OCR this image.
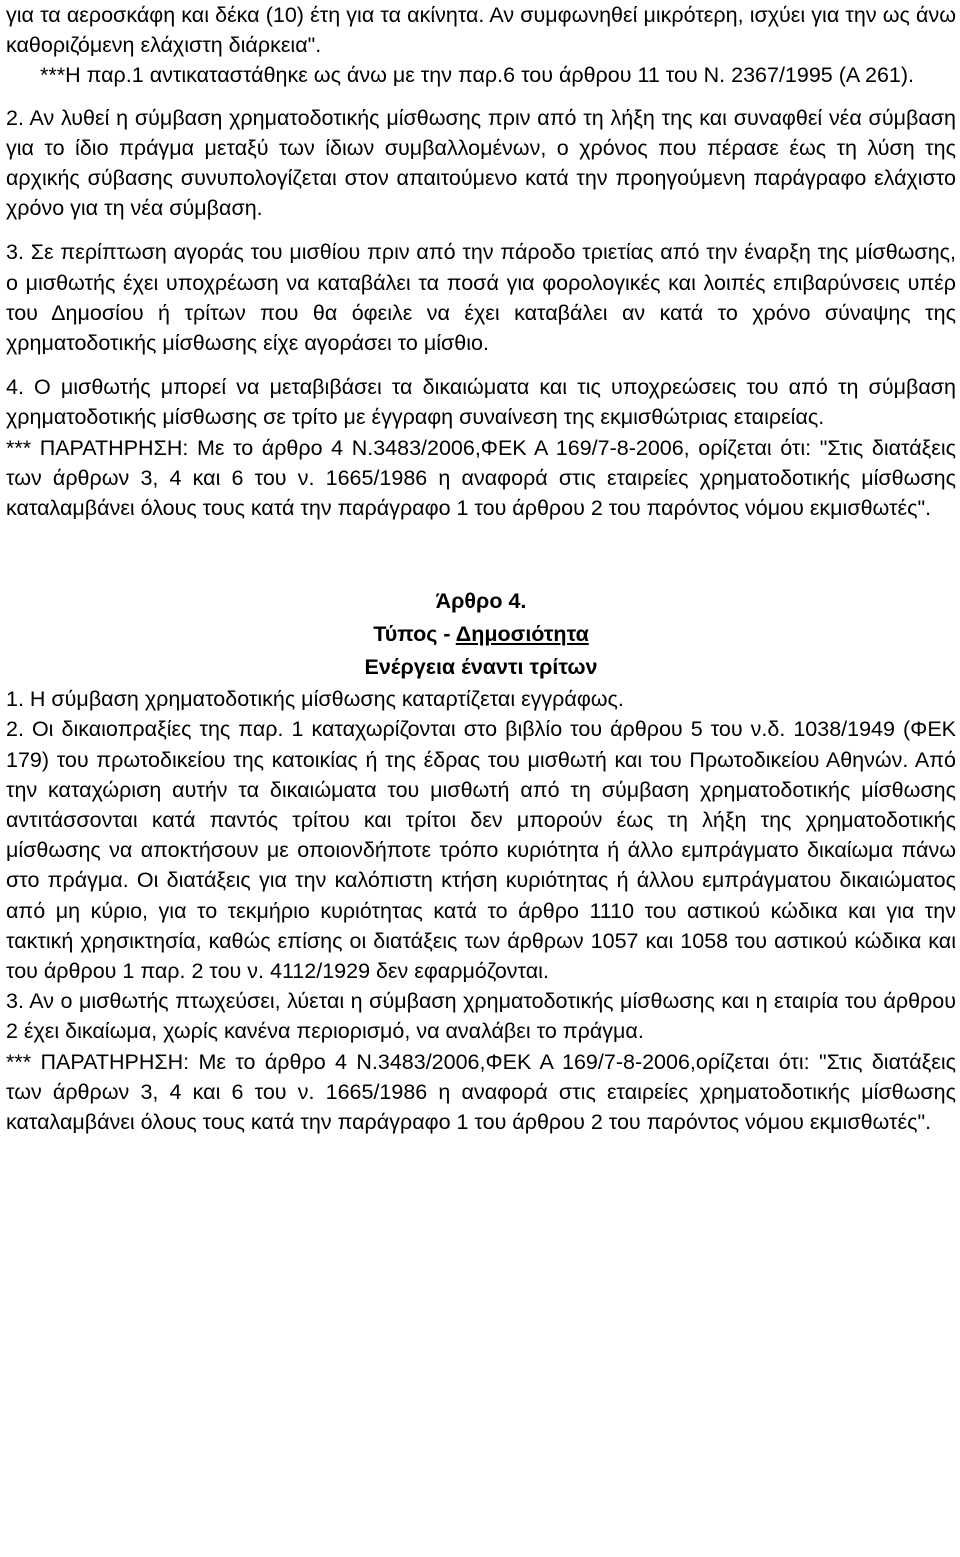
για τα αεροσκάφη και δέκα (10) έτη για τα ακίνητα. Αν συμφωνηθεί μικρότερη, ισχύει για την ως άνω καθοριζόμενη ελάχιστη διάρκεια".
***Η παρ.1 αντικαταστάθηκε ως άνω με την παρ.6 του άρθρου 11 του Ν. 2367/1995 (Α 261).

2. Αν λυθεί η σύμβαση χρηματοδοτικής μίσθωσης πριν από τη λήξη της και συναφθεί νέα σύμβαση για το ίδιο πράγμα μεταξύ των ίδιων συμβαλλομένων, ο χρόνος που πέρασε έως τη λύση της αρχικής σύβασης συνυπολογίζεται στον απαιτούμενο κατά την προηγούμενη παράγραφο ελάχιστο χρόνο για τη νέα σύμβαση.

3. Σε περίπτωση αγοράς του μισθίου πριν από την πάροδο τριετίας από την έναρξη της μίσθωσης, ο μισθωτής έχει υποχρέωση να καταβάλει τα ποσά για φορολογικές και λοιπές επιβαρύνσεις υπέρ του Δημοσίου ή τρίτων που θα όφειλε να έχει καταβάλει αν κατά το χρόνο σύναψης της χρηματοδοτικής μίσθωσης είχε αγοράσει το μίσθιο.

4. Ο μισθωτής μπορεί να μεταβιβάσει τα δικαιώματα και τις υποχρεώσεις του από τη σύμβαση χρηματοδοτικής μίσθωσης σε τρίτο με έγγραφη συναίνεση της εκμισθώτριας εταιρείας.

*** ΠΑΡΑΤΗΡΗΣΗ: Με το άρθρο 4 Ν.3483/2006,ΦΕΚ Α 169/7-8-2006, ορίζεται ότι: "Στις διατάξεις των άρθρων 3, 4 και 6 του ν. 1665/1986 η αναφορά στις εταιρείες χρηματοδοτικής μίσθωσης καταλαμβάνει όλους τους κατά την παράγραφο 1 του άρθρου 2 του παρόντος νόμου εκμισθωτές".

Άρθρο 4.

Τύπος - Δημοσιότητα

Ενέργεια έναντι τρίτων

1. Η σύμβαση χρηματοδοτικής μίσθωσης καταρτίζεται εγγράφως.

2. Οι δικαιοπραξίες της παρ. 1 καταχωρίζονται στο βιβλίο του άρθρου 5 του ν.δ. 1038/1949 (ΦΕΚ 179) του πρωτοδικείου της κατοικίας ή της έδρας του μισθωτή και του Πρωτοδικείου Αθηνών. Από την καταχώριση αυτήν τα δικαιώματα του μισθωτή από τη σύμβαση χρηματοδοτικής μίσθωσης αντιτάσσονται κατά παντός τρίτου και τρίτοι δεν μπορούν έως τη λήξη της χρηματοδοτικής μίσθωσης να αποκτήσουν με οποιονδήποτε τρόπο κυριότητα ή άλλο εμπράγματο δικαίωμα πάνω στο πράγμα. Οι διατάξεις για την καλόπιστη κτήση κυριότητας ή άλλου εμπράγματου δικαιώματος από μη κύριο, για το τεκμήριο κυριότητας κατά το άρθρο 1110 του αστικού κώδικα και για την τακτική χρησικτησία, καθώς επίσης οι διατάξεις των άρθρων 1057 και 1058 του αστικού κώδικα και του άρθρου 1 παρ. 2 του ν. 4112/1929 δεν εφαρμόζονται.

3. Αν ο μισθωτής πτωχεύσει, λύεται η σύμβαση χρηματοδοτικής μίσθωσης και η εταιρία του άρθρου 2 έχει δικαίωμα, χωρίς κανένα περιορισμό, να αναλάβει το πράγμα.

*** ΠΑΡΑΤΗΡΗΣΗ: Με το άρθρο 4 Ν.3483/2006,ΦΕΚ Α 169/7-8-2006,ορίζεται ότι: "Στις διατάξεις των άρθρων 3, 4 και 6 του ν. 1665/1986 η αναφορά στις εταιρείες χρηματοδοτικής μίσθωσης καταλαμβάνει όλους τους κατά την παράγραφο 1 του άρθρου 2 του παρόντος νόμου εκμισθωτές".
